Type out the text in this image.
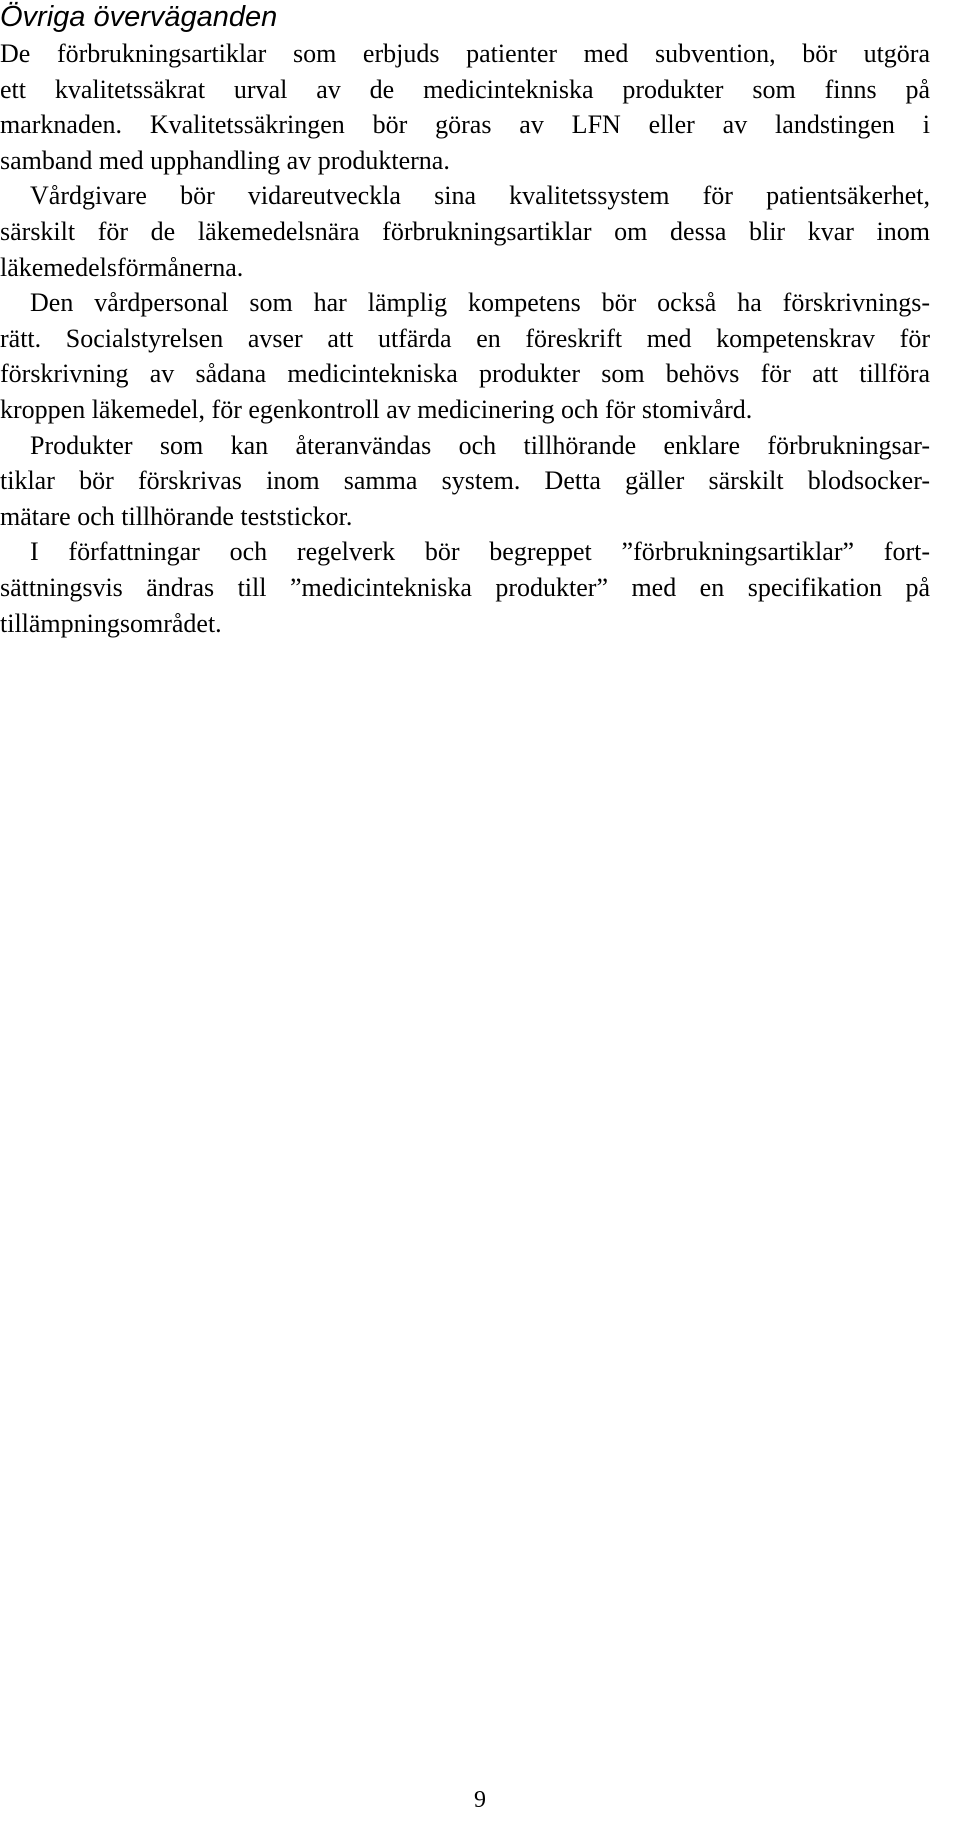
Övriga överväganden
De förbrukningsartiklar som erbjuds patienter med subvention, bör utgöra
ett kvalitetssäkrat urval av de medicintekniska produkter som finns på
marknaden. Kvalitetssäkringen bör göras av LFN eller av landstingen i
samband med upphandling av produkterna.
Vårdgivare bör vidareutveckla sina kvalitetssystem för patientsäkerhet,
särskilt för de läkemedelsnära förbrukningsartiklar om dessa blir kvar inom
läkemedelsförmånerna.
Den vårdpersonal som har lämplig kompetens bör också ha förskrivnings-
rätt. Socialstyrelsen avser att utfärda en föreskrift med kompetenskrav för
förskrivning av sådana medicintekniska produkter som behövs för att tillföra
kroppen läkemedel, för egenkontroll av medicinering och för stomivård.
Produkter som kan återanvändas och tillhörande enklare förbrukningsar-
tiklar bör förskrivas inom samma system. Detta gäller särskilt blodsocker-
mätare och tillhörande teststickor.
I författningar och regelverk bör begreppet ”förbrukningsartiklar” fort-
sättningsvis ändras till ”medicintekniska produkter” med en specifikation på
tillämpningsområdet.
9
